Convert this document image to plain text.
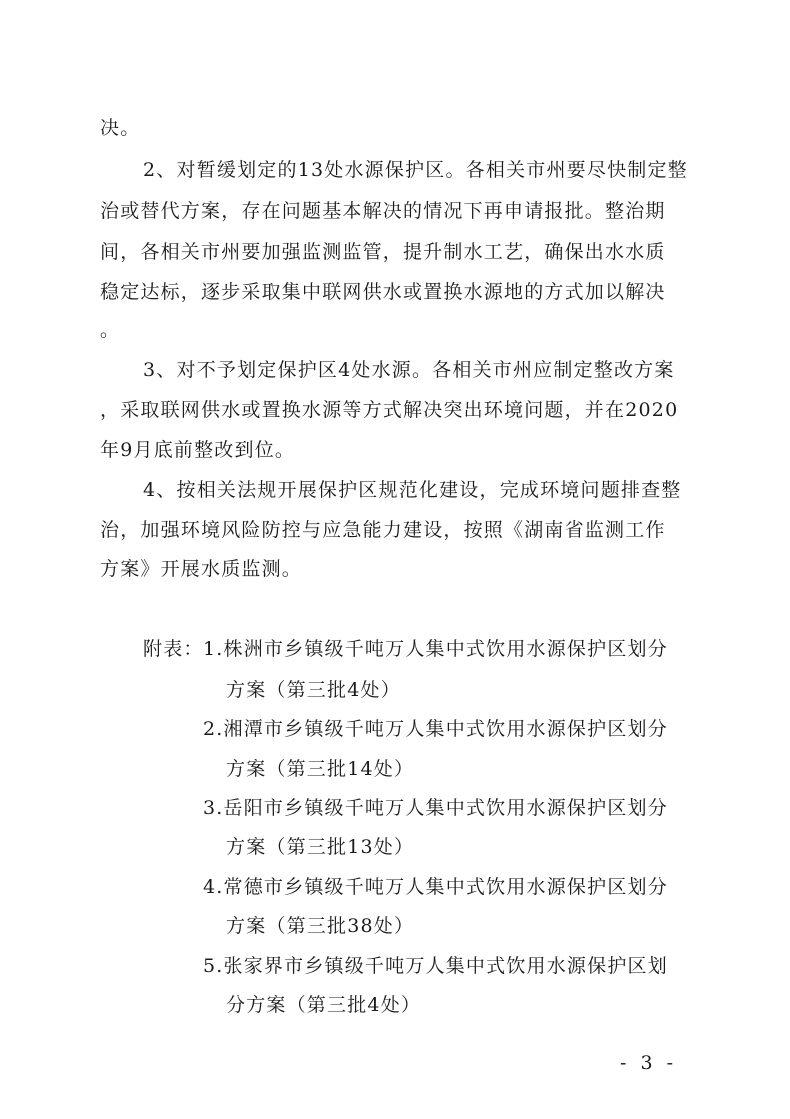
决。
2、对暂缓划定的13处水源保护区。各相关市州要尽快制定整
治或替代方案，存在问题基本解决的情况下再申请报批。整治期
间，各相关市州要加强监测监管，提升制水工艺，确保出水水质
稳定达标，逐步采取集中联网供水或置换水源地的方式加以解决
。
3、对不予划定保护区4处水源。各相关市州应制定整改方案
，采取联网供水或置换水源等方式解决突出环境问题，并在2020
年9月底前整改到位。
4、按相关法规开展保护区规范化建设，完成环境问题排查整
治，加强环境风险防控与应急能力建设，按照《湖南省监测工作
方案》开展水质监测。
附表： 1.株洲市乡镇级千吨万人集中式饮用水源保护区划分
方案（第三批4处）
2.湘潭市乡镇级千吨万人集中式饮用水源保护区划分
方案（第三批14处）
3.岳阳市乡镇级千吨万人集中式饮用水源保护区划分
方案（第三批13处）
4.常德市乡镇级千吨万人集中式饮用水源保护区划分
方案（第三批38处）
5.张家界市乡镇级千吨万人集中式饮用水源保护区划
分方案（第三批4处）
- 3 -
